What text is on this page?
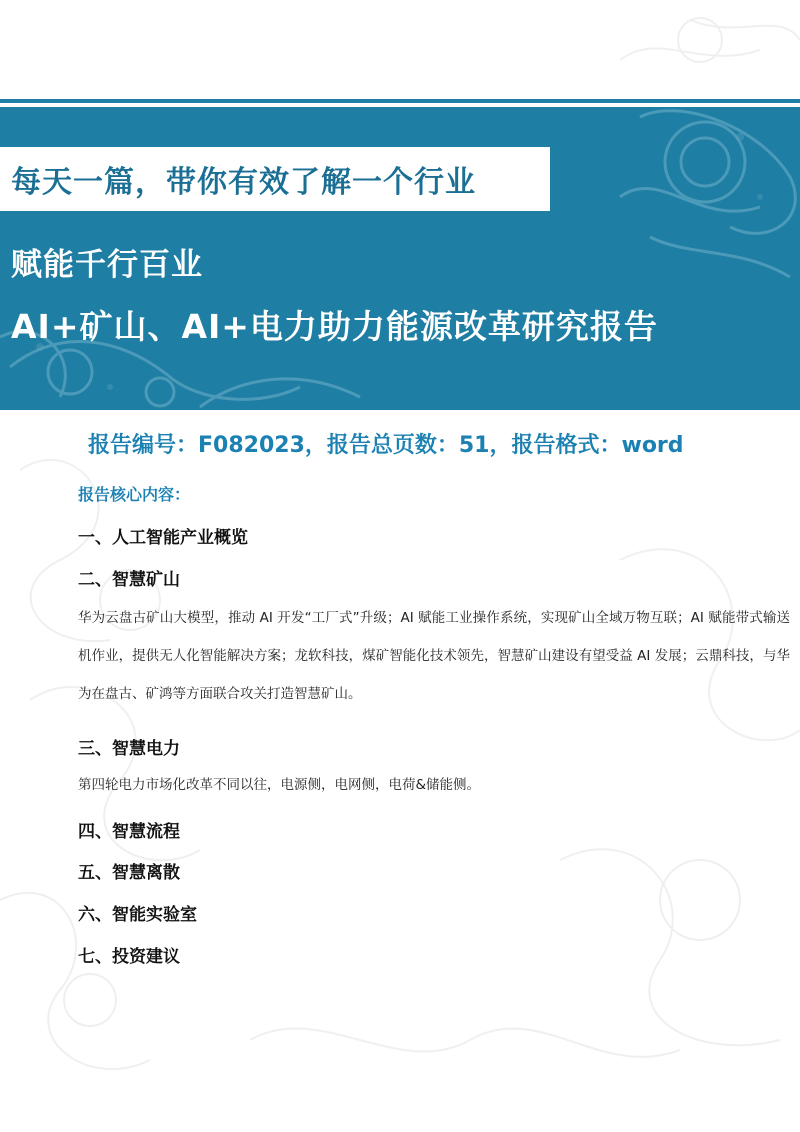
每天一篇，带你有效了解一个行业
赋能千行百业
AI+矿山、AI+电力助力能源改革研究报告
报告编号：F082023，报告总页数：51，报告格式：word
报告核心内容：
一、人工智能产业概览
二、智慧矿山
华为云盘古矿山大模型，推动 AI 开发“工厂式”升级；AI 赋能工业操作系统，实现矿山全域万物互联；AI 赋能带式输送机作业，提供无人化智能解决方案；龙软科技，煤矿智能化技术领先，智慧矿山建设有望受益 AI 发展；云鼎科技，与华为在盘古、矿鸿等方面联合攻关打造智慧矿山。
三、智慧电力
第四轮电力市场化改革不同以往，电源侧，电网侧，电荷&储能侧。
四、智慧流程
五、智慧离散
六、智能实验室
七、投资建议
